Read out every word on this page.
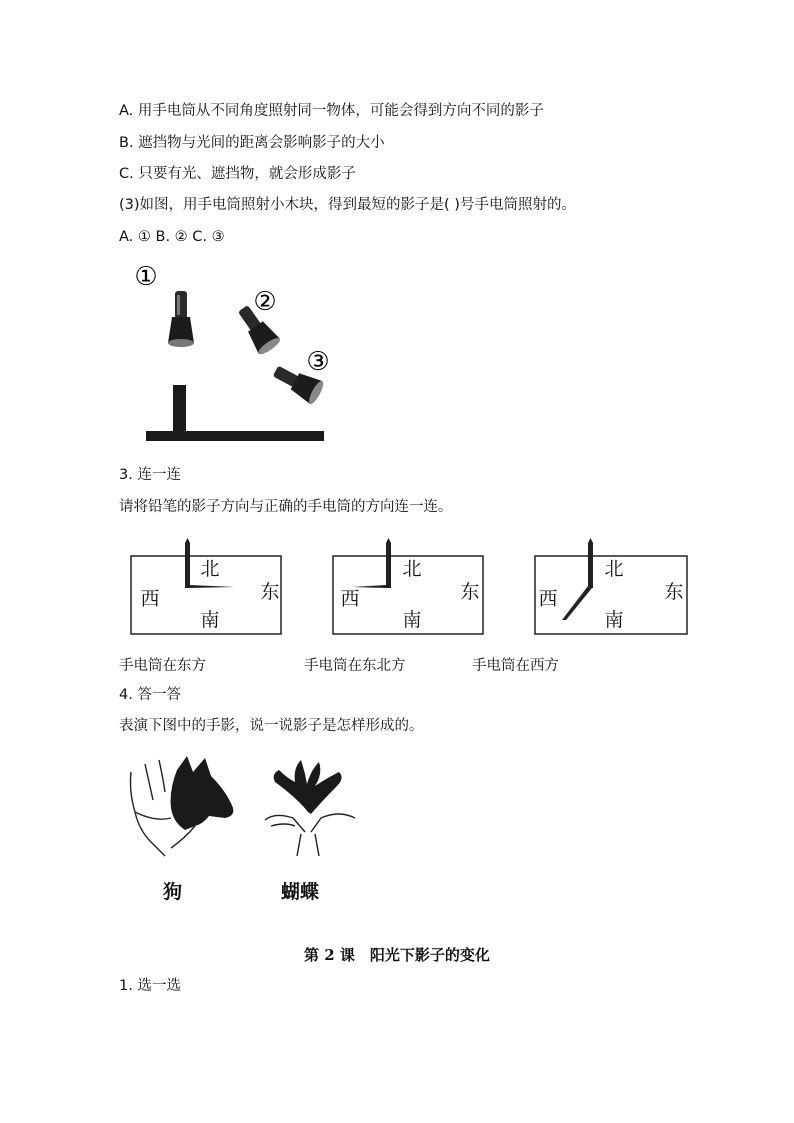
A. 用手电筒从不同角度照射同一物体，可能会得到方向不同的影子
B. 遮挡物与光间的距离会影响影子的大小
C. 只要有光、遮挡物，就会形成影子
(3)如图，用手电筒照射小木块，得到最短的影子是( )号手电筒照射的。
A. ① B. ② C. ③
①
②
③
3. 连一连
请将铅笔的影子方向与正确的手电筒的方向连一连。
北
西	东
南
北
西	东
南
北
西	东
南
手电筒在东方	手电筒在东北方	手电筒在西方
4. 答一答
表演下图中的手影，说一说影子是怎样形成的。
狗	蝴蝶
第 2 课　阳光下影子的变化
1. 选一选
